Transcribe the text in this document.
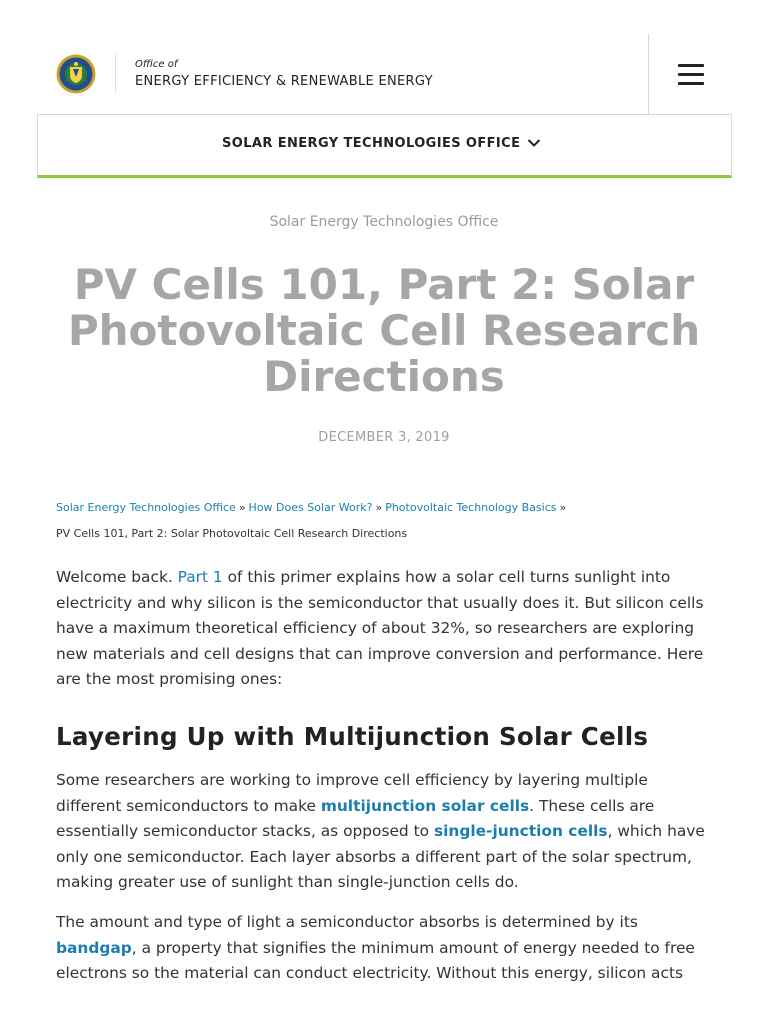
Office of
ENERGY EFFICIENCY & RENEWABLE ENERGY
SOLAR ENERGY TECHNOLOGIES OFFICE
Solar Energy Technologies Office
PV Cells 101, Part 2: Solar Photovoltaic Cell Research Directions
DECEMBER 3, 2019
Solar Energy Technologies Office » How Does Solar Work? » Photovoltaic Technology Basics »
PV Cells 101, Part 2: Solar Photovoltaic Cell Research Directions

Welcome back. Part 1 of this primer explains how a solar cell turns sunlight into electricity and why silicon is the semiconductor that usually does it. But silicon cells have a maximum theoretical efficiency of about 32%, so researchers are exploring new materials and cell designs that can improve conversion and performance. Here are the most promising ones:

Layering Up with Multijunction Solar Cells

Some researchers are working to improve cell efficiency by layering multiple different semiconductors to make multijunction solar cells. These cells are essentially semiconductor stacks, as opposed to single-junction cells, which have only one semiconductor. Each layer absorbs a different part of the solar spectrum, making greater use of sunlight than single-junction cells do.

The amount and type of light a semiconductor absorbs is determined by its bandgap, a property that signifies the minimum amount of energy needed to free electrons so the material can conduct electricity. Without this energy, silicon acts
